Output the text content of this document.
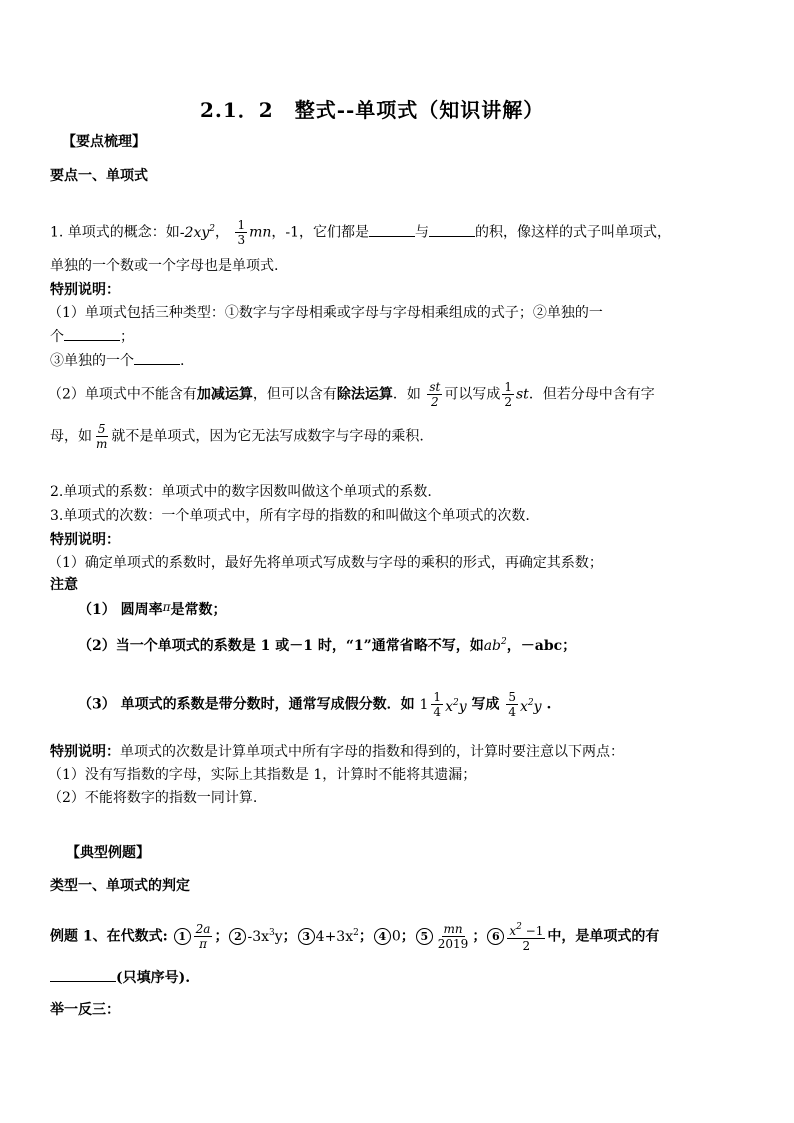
2.1．2　整式--单项式（知识讲解）
【要点梳理】
要点一、单项式
1. 单项式的概念：如$-2xy^2$， $\frac{1}{3}$ mn，-1，它们都是	与	的积，像这样的式子叫单项式，
单独的一个数或一个字母也是单项式.
特别说明：
（1）单项式包括三种类型：①数字与字母相乘或字母与字母相乘组成的式子；②单独的一
个	；
③单独的一个	.
（2）单项式中不能含有加减运算，但可以含有除法运算．如 $\frac{st}{2}$ 可以写成 $\frac{1}{2}$ st．但若分母中含有字
母，如 $\frac{5}{m}$ 就不是单项式，因为它无法写成数字与字母的乘积.
2.单项式的系数：单项式中的数字因数叫做这个单项式的系数.
3.单项式的次数：一个单项式中，所有字母的指数的和叫做这个单项式的次数.
特别说明：
（1）确定单项式的系数时，最好先将单项式写成数与字母的乘积的形式，再确定其系数；
注意
（1） 圆周率π是常数；
（2）当一个单项式的系数是 1 或－1 时，“1”通常省略不写，如$ab^2$，－abc；
（3） 单项式的系数是带分数时，通常写成假分数．如 $1 \frac{1}{4} x^2y$ 写成 $\frac{5}{4} x^2y$ .
特别说明：单项式的次数是计算单项式中所有字母的指数和得到的，计算时要注意以下两点：
（1）没有写指数的字母，实际上其指数是 1，计算时不能将其遗漏；
（2）不能将数字的指数一同计算.
【典型例题】
类型一、单项式的判定
例题 1、在代数式: $1 \frac{2a}{\pi}$ ； 2 $-3x^3y$； 3 $4+3x^2$； 4 0； $5 \frac{mn}{2019}$ ； $6 \frac{x^2 -1}{2}$ 中，是单项式的有
(只填序号).
举一反三：
